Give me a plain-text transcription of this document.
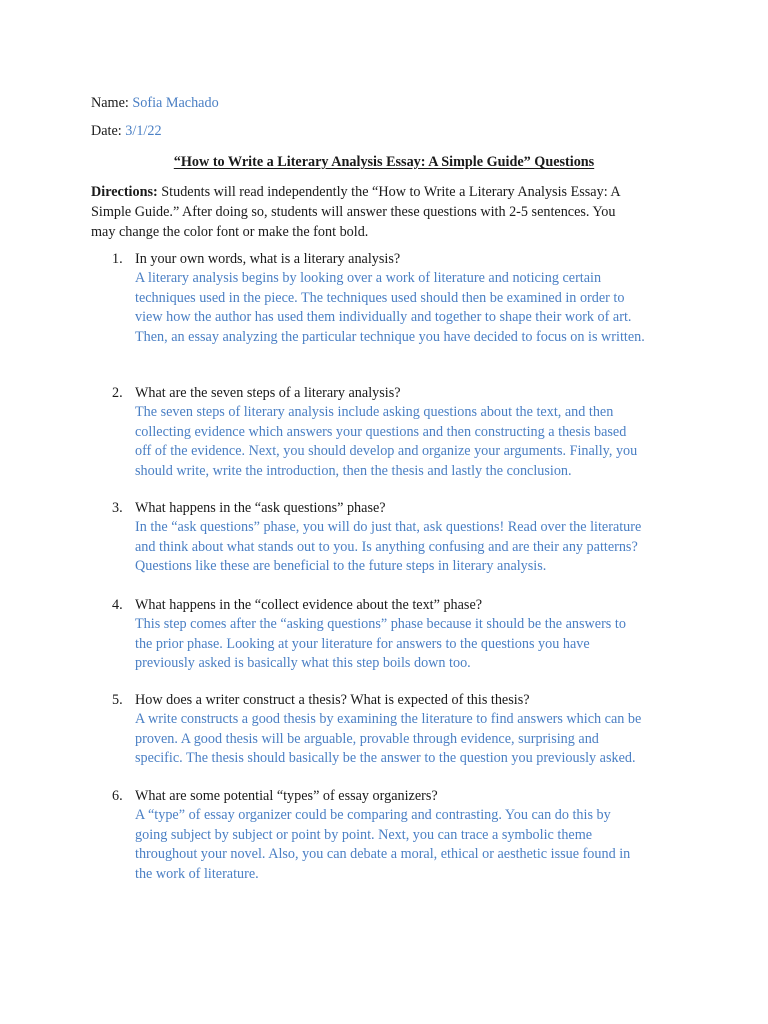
Name: Sofia Machado
Date: 3/1/22
“How to Write a Literary Analysis Essay: A Simple Guide” Questions
Directions: Students will read independently the “How to Write a Literary Analysis Essay: A
Simple Guide.” After doing so, students will answer these questions with 2-5 sentences. You
may change the color font or make the font bold.
1. In your own words, what is a literary analysis?
A literary analysis begins by looking over a work of literature and noticing certain
techniques used in the piece. The techniques used should then be examined in order to
view how the author has used them individually and together to shape their work of art.
Then, an essay analyzing the particular technique you have decided to focus on is written.
2. What are the seven steps of a literary analysis?
The seven steps of literary analysis include asking questions about the text, and then
collecting evidence which answers your questions and then constructing a thesis based
off of the evidence. Next, you should develop and organize your arguments. Finally, you
should write, write the introduction, then the thesis and lastly the conclusion.
3. What happens in the “ask questions” phase?
In the “ask questions” phase, you will do just that, ask questions! Read over the literature
and think about what stands out to you. Is anything confusing and are their any patterns?
Questions like these are beneficial to the future steps in literary analysis.
4. What happens in the “collect evidence about the text” phase?
This step comes after the “asking questions” phase because it should be the answers to
the prior phase. Looking at your literature for answers to the questions you have
previously asked is basically what this step boils down too.
5. How does a writer construct a thesis? What is expected of this thesis?
A write constructs a good thesis by examining the literature to find answers which can be
proven. A good thesis will be arguable, provable through evidence, surprising and
specific. The thesis should basically be the answer to the question you previously asked.
6. What are some potential “types” of essay organizers?
A “type” of essay organizer could be comparing and contrasting. You can do this by
going subject by subject or point by point. Next, you can trace a symbolic theme
throughout your novel. Also, you can debate a moral, ethical or aesthetic issue found in
the work of literature.
